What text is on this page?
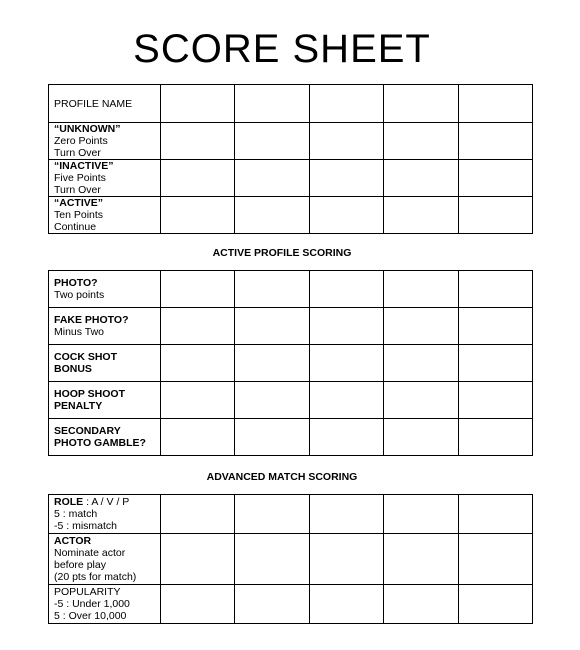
SCORE SHEET
PROFILE NAME					

“UNKNOWN”
Zero Points
Turn Over					

“INACTIVE”
Five Points
Turn Over					

“ACTIVE”
Ten Points
Continue					

ACTIVE PROFILE SCORING
PHOTO?
Two points					

FAKE PHOTO?
Minus Two					

COCK SHOT
BONUS					

HOOP SHOOT
PENALTY					

SECONDARY
PHOTO GAMBLE?					

ADVANCED MATCH SCORING
ROLE : A / V / P
5 : match
-5 : mismatch					

ACTOR
Nominate actor
before play
(20 pts for match)					

POPULARITY
-5 : Under 1,000
5 : Over 10,000					
